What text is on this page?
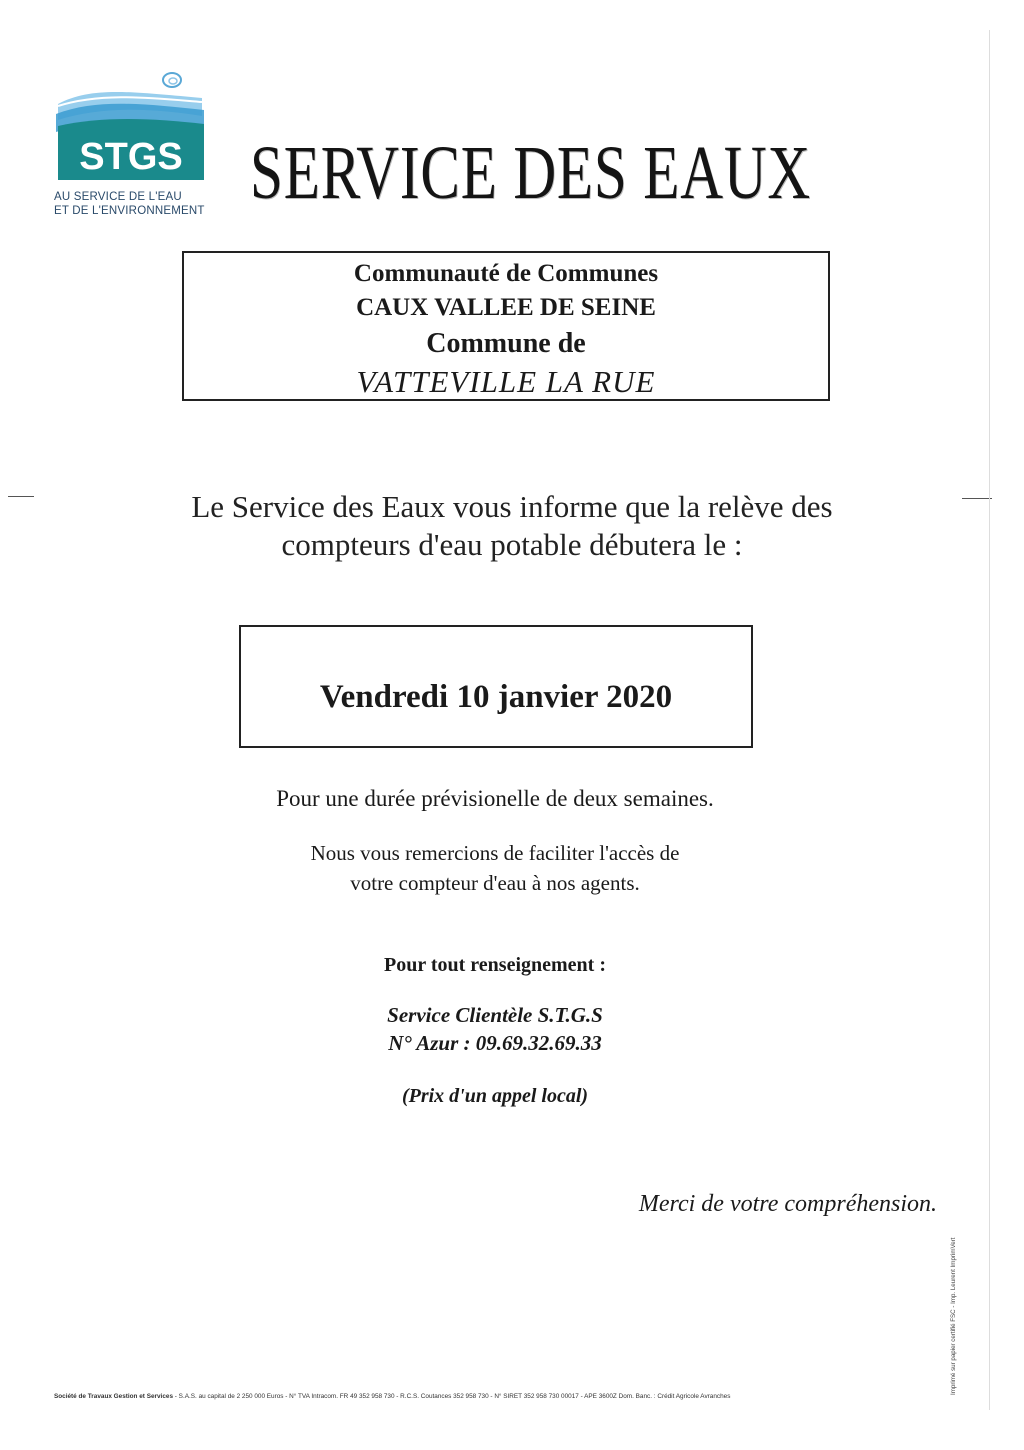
STGS
AU SERVICE DE L'EAU
ET DE L'ENVIRONNEMENT SERVICE DES EAUX
Communauté de Communes
CAUX VALLEE DE SEINE
Commune de
VATTEVILLE LA RUE
Le Service des Eaux vous informe que la relève des
compteurs d'eau potable débutera le :
Vendredi 10 janvier 2020
Pour une durée prévisionelle de deux semaines.
Nous vous remercions de faciliter l'accès de
votre compteur d'eau à nos agents.
Pour tout renseignement :
Service Clientèle S.T.G.S
N° Azur : 09.69.32.69.33
(Prix d'un appel local)
Merci de votre compréhension.
Société de Travaux Gestion et Services - S.A.S. au capital de 2 250 000 Euros - N° TVA Intracom. FR 49 352 958 730 - R.C.S. Coutances 352 958 730 - N° SIRET 352 958 730 00017 - APE 3600Z Dom. Banc. : Crédit Agricole Avranches
Imprimé sur papier certifié FSC - Imp. Leurent ImprimVert
